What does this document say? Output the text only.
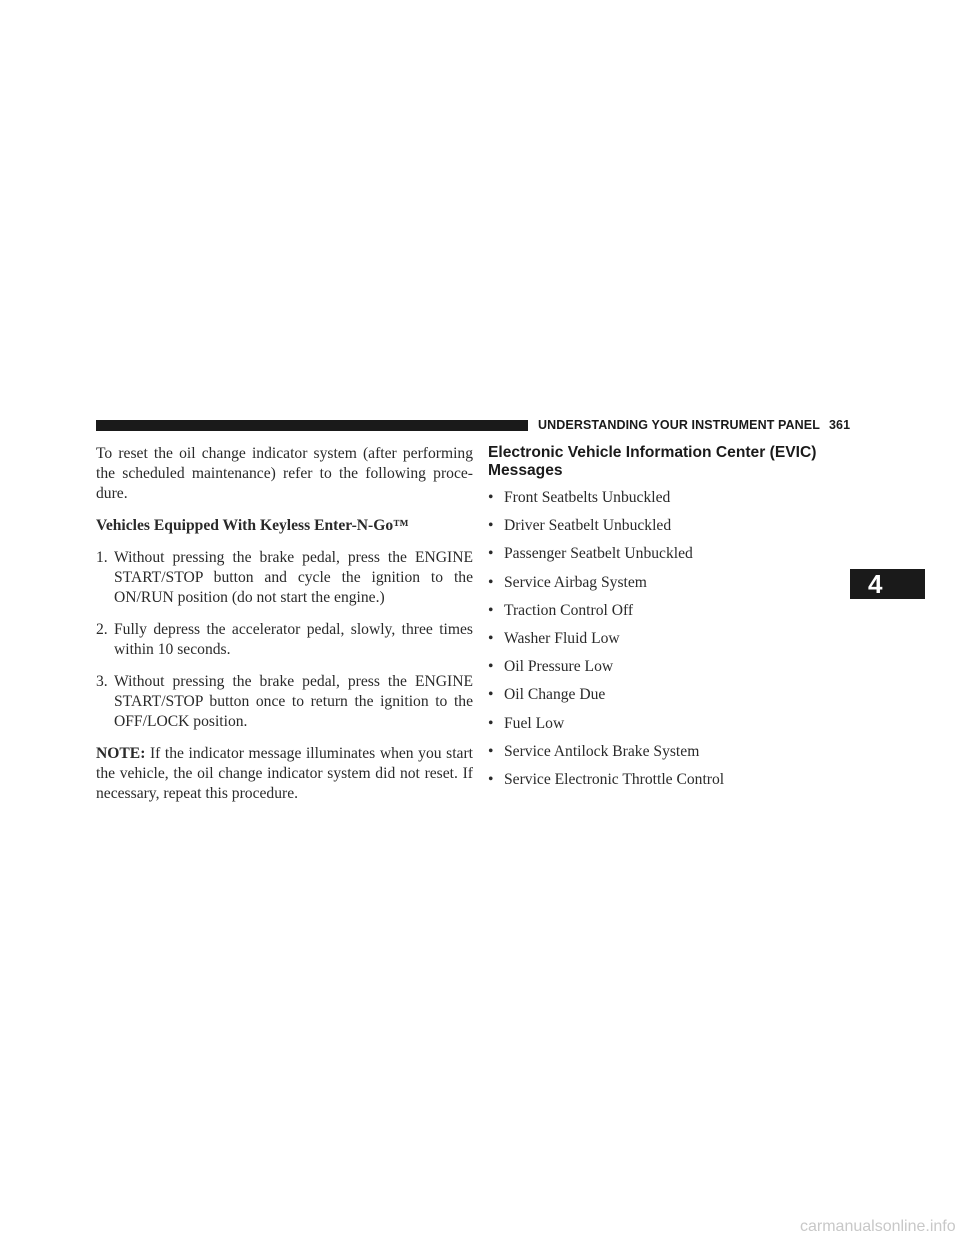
UNDERSTANDING YOUR INSTRUMENT PANEL 361
4

To reset the oil change indicator system (after performing the scheduled maintenance) refer to the following proce-dure.

Vehicles Equipped With Keyless Enter-N-Go™

1. Without pressing the brake pedal, press the ENGINE START/STOP button and cycle the ignition to the ON/RUN position (do not start the engine.)
2. Fully depress the accelerator pedal, slowly, three times within 10 seconds.
3. Without pressing the brake pedal, press the ENGINE START/STOP button once to return the ignition to the OFF/LOCK position.

NOTE: If the indicator message illuminates when you start the vehicle, the oil change indicator system did not reset. If necessary, repeat this procedure.

Electronic Vehicle Information Center (EVIC) Messages
• Front Seatbelts Unbuckled
• Driver Seatbelt Unbuckled
• Passenger Seatbelt Unbuckled
• Service Airbag System
• Traction Control Off
• Washer Fluid Low
• Oil Pressure Low
• Oil Change Due
• Fuel Low
• Service Antilock Brake System
• Service Electronic Throttle Control
carmanualsonline.info
